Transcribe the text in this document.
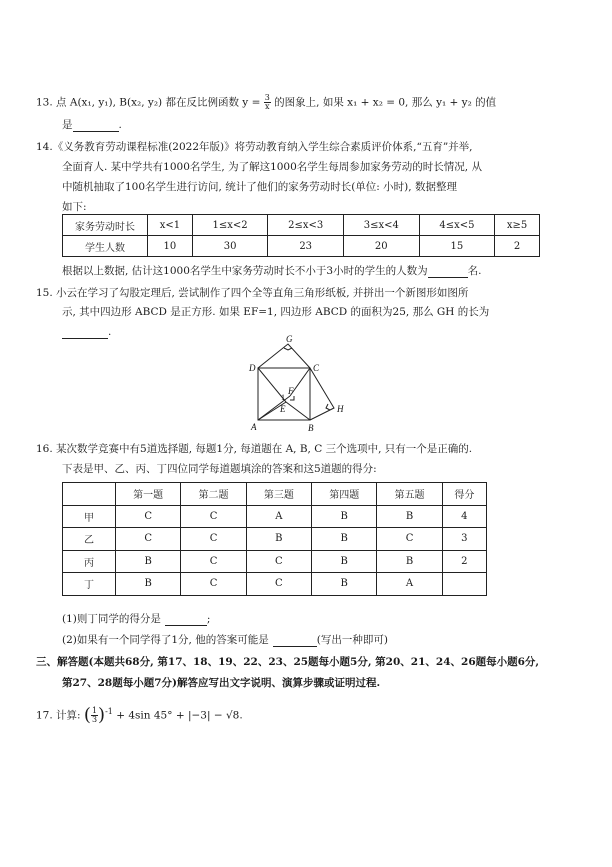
13. 点 A(x₁, y₁), B(x₂, y₂) 都在反比例函数 $y = \frac{3}{x}$ 的图象上, 如果 x₁ + x₂ = 0, 那么 y₁ + y₂ 的值
是	.
14.《义务教育劳动课程标准(2022年版)》将劳动教育纳入学生综合素质评价体系,“五育”并举,
全面育人. 某中学共有1000名学生, 为了解这1000名学生每周参加家务劳动的时长情况, 从
中随机抽取了100名学生进行访问, 统计了他们的家务劳动时长(单位: 小时), 数据整理
如下:
家务劳动时长	x<1	1≤x<2	2≤x<3	3≤x<4	4≤x<5	x≥5
学生人数	10	30	23	20	15	2
根据以上数据, 估计这1000名学生中家务劳动时长不小于3小时的学生的人数为	名.
15. 小云在学习了勾股定理后, 尝试制作了四个全等直角三角形纸板, 并拼出一个新图形如图所
示, 其中四边形 ABCD 是正方形. 如果 EF=1, 四边形 ABCD 的面积为25, 那么 GH 的长为
.
G
D	C
F
E	H
A	B
1
16. 某次数学竞赛中有5道选择题, 每题1分, 每道题在 A, B, C 三个选项中, 只有一个是正确的.
下表是甲、乙、丙、丁四位同学每道题填涂的答案和这5道题的得分:
	第一题	第二题	第三题	第四题	第五题	得分
甲	C	C	A	B	B	4
乙	C	C	B	B	C	3
丙	B	C	C	B	B	2
丁	B	C	C	B	A	
(1)则丁同学的得分是	;
(2)如果有一个同学得了1分, 他的答案可能是	(写出一种即可)
三、解答题(本题共68分, 第17、18、19、22、23、25题每小题5分, 第20、21、24、26题每小题6分,
第27、28题每小题7分)解答应写出文字说明、演算步骤或证明过程.
17. 计算: ( $\frac{1}{3} )^{-1} + 4\sin$ 45° + |−3| − √8.
